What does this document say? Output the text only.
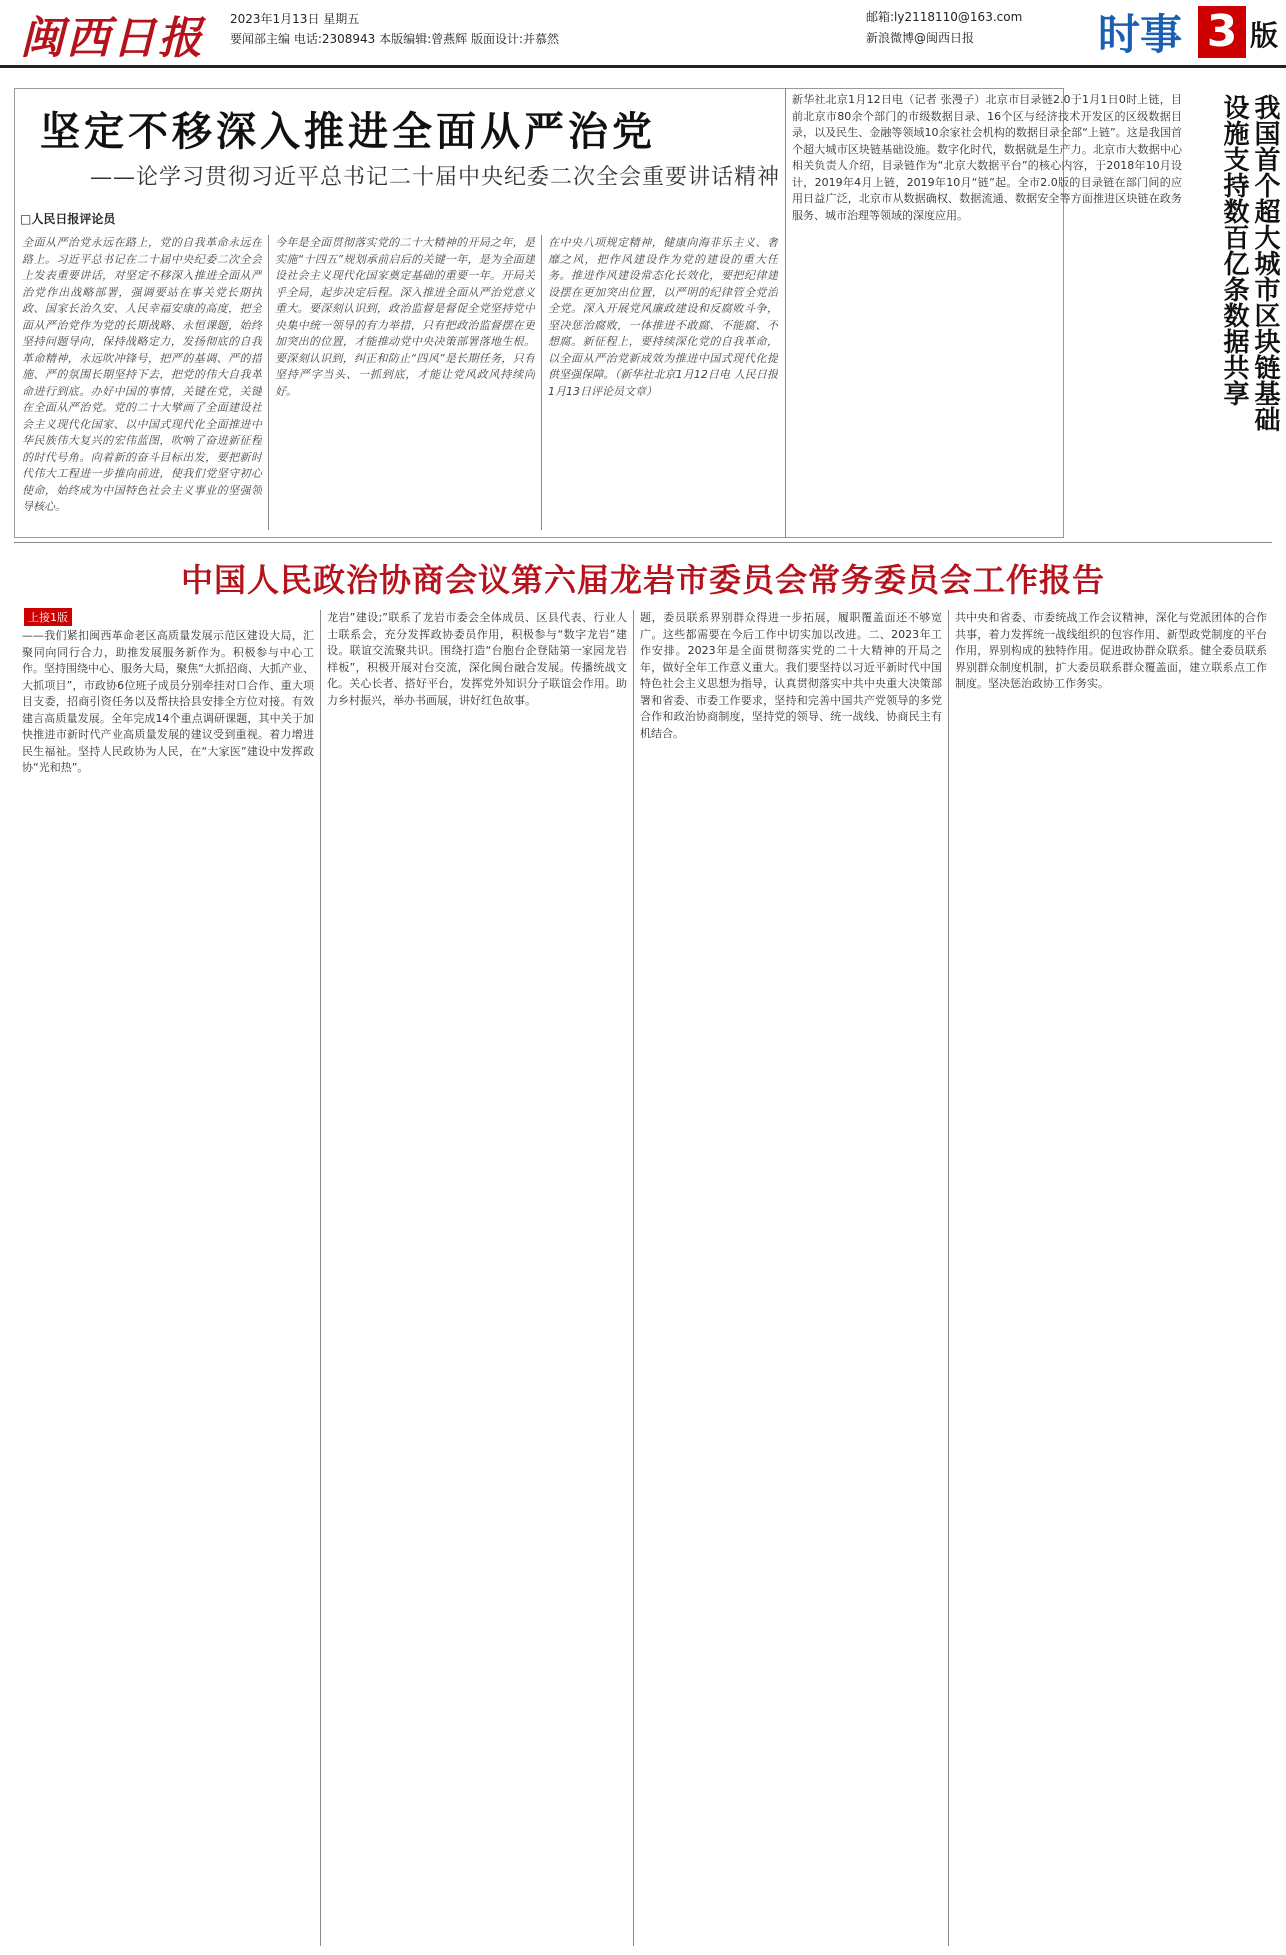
闽西日报 2023年1月13日 星期五
要闻部主编 电话:2308943 本版编辑:曾燕辉 版面设计:并慕然
邮箱:ly2118110@163.com
新浪微博@闽西日报	时事 3 版
坚定不移深入推进全面从严治党
——论学习贯彻习近平总书记二十届中央纪委二次全会重要讲话精神
□人民日报评论员
全面从严治党永远在路上，党的自我革命永远在路上。习近平总书记在二十届中央纪委二次全会上发表重要讲话，对坚定不移深入推进全面从严治党作出战略部署，强调要站在事关党长期执政、国家长治久安、人民幸福安康的高度，把全面从严治党作为党的长期战略、永恒课题，始终坚持问题导向，保持战略定力，发扬彻底的自我革命精神，永远吹冲锋号，把严的基调、严的措施、严的氛围长期坚持下去，把党的伟大自我革命进行到底。办好中国的事情，关键在党，关键在全面从严治党。党的二十大擘画了全面建设社会主义现代化国家、以中国式现代化全面推进中华民族伟大复兴的宏伟蓝图，吹响了奋进新征程的时代号角。向着新的奋斗目标出发，要把新时代伟大工程进一步推向前进，使我们党坚守初心使命，始终成为中国特色社会主义事业的坚强领导核心。
今年是全面贯彻落实党的二十大精神的开局之年，是实施“十四五”规划承前启后的关键一年，是为全面建设社会主义现代化国家奠定基础的重要一年。开局关乎全局，起步决定后程。深入推进全面从严治党意义重大。要深刻认识到，政治监督是督促全党坚持党中央集中统一领导的有力举措，只有把政治监督摆在更加突出的位置，才能推动党中央决策部署落地生根。要深刻认识到，纠正和防止“四风”是长期任务，只有坚持严字当头、一抓到底，才能让党风政风持续向好。
在中央八项规定精神，健康向海非乐主义、奢靡之风，把作风建设作为党的建设的重大任务。推进作风建设常态化长效化，要把纪律建设摆在更加突出位置，以严明的纪律管全党治全党。深入开展党风廉政建设和反腐败斗争，坚决惩治腐败，一体推进不敢腐、不能腐、不想腐。新征程上，要持续深化党的自我革命，以全面从严治党新成效为推进中国式现代化提供坚强保障。（新华社北京1月12日电 人民日报1月13日评论员文章）
新华社北京1月12日电（记者 张漫子）北京市目录链2.0于1月1日0时上链，目前北京市80余个部门的市级数据目录、16个区与经济技术开发区的区级数据目录，以及民生、金融等领域10余家社会机构的数据目录全部“上链”。这是我国首个超大城市区块链基础设施。数字化时代，数据就是生产力。北京市大数据中心相关负责人介绍，目录链作为“北京大数据平台”的核心内容，于2018年10月设计，2019年4月上链，2019年10月“链”起。全市2.0版的目录链在部门间的应用日益广泛，北京市从数据确权、数据流通、数据安全等方面推进区块链在政务服务、城市治理等领域的深度应用。	我国首个超大城市区块链基础设施支持数百亿条数据共享
中国人民政治协商会议第六届龙岩市委员会常务委员会工作报告
上接1版
——我们紧扣闽西革命老区高质量发展示范区建设大局，汇聚同向同行合力，助推发展服务新作为。积极参与中心工作。坚持围绕中心、服务大局，聚焦“大抓招商、大抓产业、大抓项目”，市政协6位班子成员分别牵挂对口合作、重大项目支委，招商引资任务以及帮扶拾县安排全方位对接。有效建言高质量发展。全年完成14个重点调研课题，其中关于加快推进市新时代产业高质量发展的建议受到重视。着力增进民生福祉。坚持人民政协为人民，在“大家医”建设中发挥政协“光和热”。
龙岩”建设;”联系了龙岩市委会全体成员、区县代表、行业人士联系会，充分发挥政协委员作用，积极参与“数字龙岩”建设。联谊交流聚共识。围绕打造“台胞台企登陆第一家园龙岩样板”，积极开展对台交流，深化闽台融合发展。传播统战文化。关心长者、搭好平台，发挥党外知识分子联谊会作用。助力乡村振兴，举办书画展，讲好红色故事。
题，委员联系界别群众得进一步拓展，履职覆盖面还不够宽广。这些都需要在今后工作中切实加以改进。二、2023年工作安排。2023年是全面贯彻落实党的二十大精神的开局之年，做好全年工作意义重大。我们要坚持以习近平新时代中国特色社会主义思想为指导，认真贯彻落实中共中央重大决策部署和省委、市委工作要求，坚持和完善中国共产党领导的多党合作和政治协商制度，坚持党的领导、统一战线、协商民主有机结合。
共中央和省委、市委统战工作会议精神，深化与党派团体的合作共事，着力发挥统一战线组织的包容作用、新型政党制度的平台作用，界别构成的独特作用。促进政协群众联系。健全委员联系界别群众制度机制，扩大委员联系群众覆盖面，建立联系点工作制度。坚决惩治政协工作务实。
